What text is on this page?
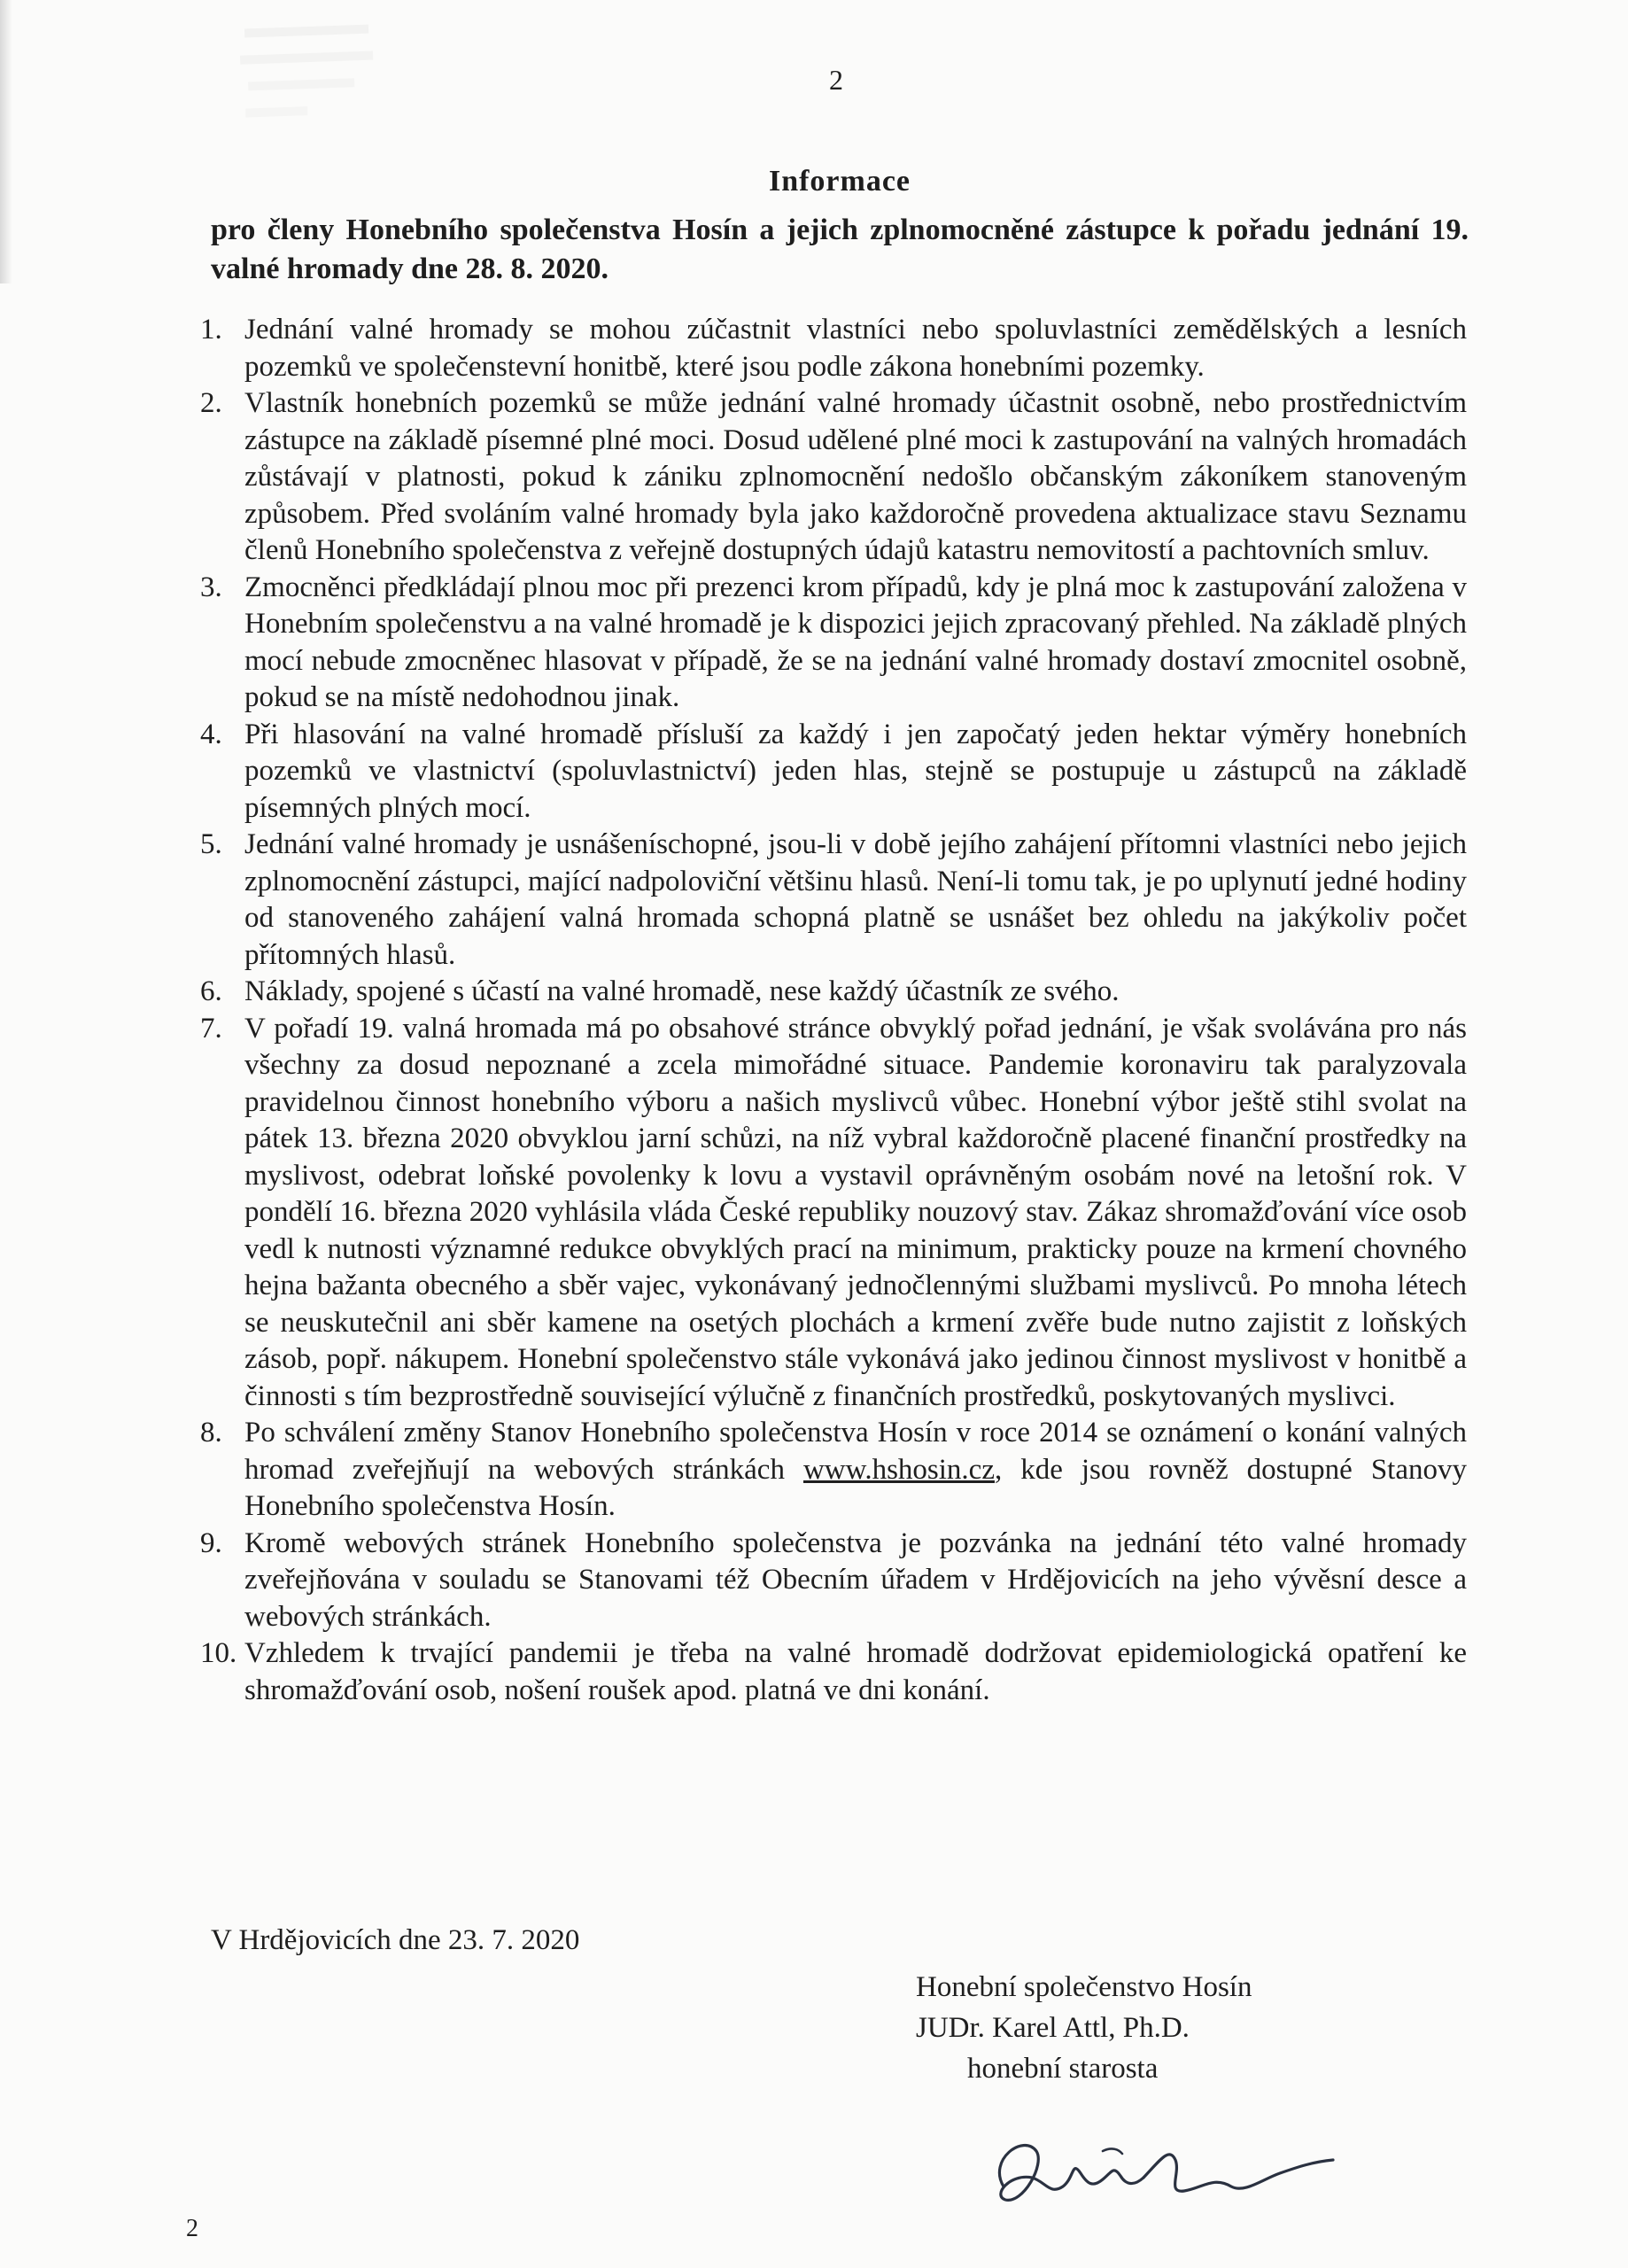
2
Informace
pro členy Honebního společenstva Hosín a jejich zplnomocněné zástupce k pořadu jednání 19. valné hromady dne 28. 8. 2020.
1. Jednání valné hromady se mohou zúčastnit vlastníci nebo spoluvlastníci zemědělských a lesních pozemků ve společenstevní honitbě, které jsou podle zákona honebními pozemky.
2. Vlastník honebních pozemků se může jednání valné hromady účastnit osobně, nebo prostřednictvím zástupce na základě písemné plné moci. Dosud udělené plné moci k zastupování na valných hromadách zůstávají v platnosti, pokud k zániku zplnomocnění nedošlo občanským zákoníkem stanoveným způsobem. Před svoláním valné hromady byla jako každoročně provedena aktualizace stavu Seznamu členů Honebního společenstva z veřejně dostupných údajů katastru nemovitostí a pachtovních smluv.
3. Zmocněnci předkládají plnou moc při prezenci krom případů, kdy je plná moc k zastupování založena v Honebním společenstvu a na valné hromadě je k dispozici jejich zpracovaný přehled. Na základě plných mocí nebude zmocněnec hlasovat v případě, že se na jednání valné hromady dostaví zmocnitel osobně, pokud se na místě nedohodnou jinak.
4. Při hlasování na valné hromadě přísluší za každý i jen započatý jeden hektar výměry honebních pozemků ve vlastnictví (spoluvlastnictví) jeden hlas, stejně se postupuje u zástupců na základě písemných plných mocí.
5. Jednání valné hromady je usnášeníschopné, jsou-li v době jejího zahájení přítomni vlastníci nebo jejich zplnomocnění zástupci, mající nadpoloviční většinu hlasů. Není-li tomu tak, je po uplynutí jedné hodiny od stanoveného zahájení valná hromada schopná platně se usnášet bez ohledu na jakýkoliv počet přítomných hlasů.
6. Náklady, spojené s účastí na valné hromadě, nese každý účastník ze svého.
7. V pořadí 19. valná hromada má po obsahové stránce obvyklý pořad jednání, je však svolávána pro nás všechny za dosud nepoznané a zcela mimořádné situace. Pandemie koronaviru tak paralyzovala pravidelnou činnost honebního výboru a našich myslivců vůbec. Honební výbor ještě stihl svolat na pátek 13. března 2020 obvyklou jarní schůzi, na níž vybral každoročně placené finanční prostředky na myslivost, odebrat loňské povolenky k lovu a vystavil oprávněným osobám nové na letošní rok. V pondělí 16. března 2020 vyhlásila vláda České republiky nouzový stav. Zákaz shromažďování více osob vedl k nutnosti významné redukce obvyklých prací na minimum, prakticky pouze na krmení chovného hejna bažanta obecného a sběr vajec, vykonávaný jednočlennými službami myslivců. Po mnoha létech se neuskutečnil ani sběr kamene na osetých plochách a krmení zvěře bude nutno zajistit z loňských zásob, popř. nákupem. Honební společenstvo stále vykonává jako jedinou činnost myslivost v honitbě a činnosti s tím bezprostředně související výlučně z finančních prostředků, poskytovaných myslivci.
8. Po schválení změny Stanov Honebního společenstva Hosín v roce 2014 se oznámení o konání valných hromad zveřejňují na webových stránkách www.hshosin.cz, kde jsou rovněž dostupné Stanovy Honebního společenstva Hosín.
9. Kromě webových stránek Honebního společenstva je pozvánka na jednání této valné hromady zveřejňována v souladu se Stanovami též Obecním úřadem v Hrdějovicích na jeho vývěsní desce a webových stránkách.
10. Vzhledem k trvající pandemii je třeba na valné hromadě dodržovat epidemiologická opatření ke shromažďování osob, nošení roušek apod. platná ve dni konání.
V Hrdějovicích dne 23. 7. 2020
Honební společenstvo Hosín
JUDr. Karel Attl, Ph.D.
honební starosta
2
